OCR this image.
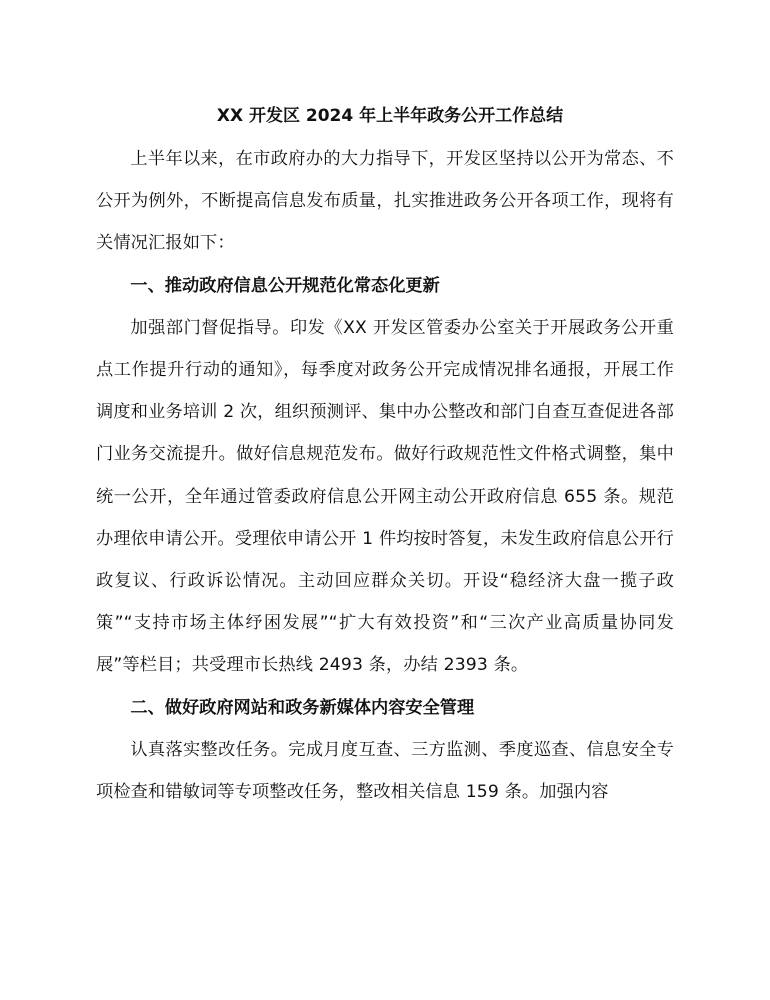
XX 开发区 2024 年上半年政务公开工作总结

上半年以来，在市政府办的大力指导下，开发区坚持以公开为常态、不公开为例外，不断提高信息发布质量，扎实推进政务公开各项工作，现将有关情况汇报如下：

一、推动政府信息公开规范化常态化更新

加强部门督促指导。印发《XX 开发区管委办公室关于开展政务公开重点工作提升行动的通知》，每季度对政务公开完成情况排名通报，开展工作调度和业务培训 2 次，组织预测评、集中办公整改和部门自查互查促进各部门业务交流提升。做好信息规范发布。做好行政规范性文件格式调整，集中统一公开，全年通过管委政府信息公开网主动公开政府信息 655 条。规范办理依申请公开。受理依申请公开 1 件均按时答复，未发生政府信息公开行政复议、行政诉讼情况。主动回应群众关切。开设“稳经济大盘一揽子政策”“支持市场主体纾困发展”“扩大有效投资”和“三次产业高质量协同发展”等栏目；共受理市长热线 2493 条，办结 2393 条。

二、做好政府网站和政务新媒体内容安全管理

认真落实整改任务。完成月度互查、三方监测、季度巡查、信息安全专项检查和错敏词等专项整改任务，整改相关信息 159 条。加强内容
